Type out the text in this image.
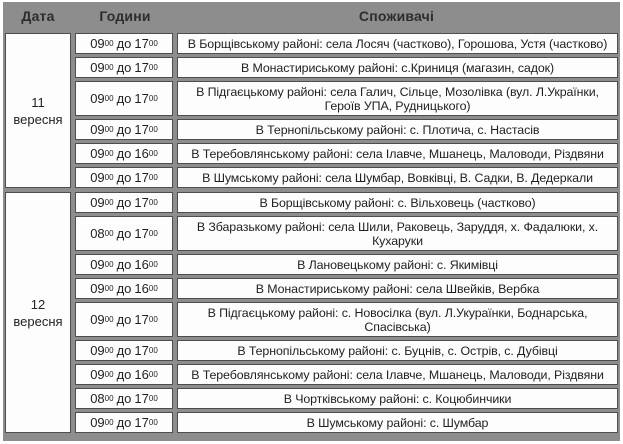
Дата	Години	Споживачі
11
вересня
09 00 до 17 00	В Борщівському районі: села Лосяч (частково), Горошова, Устя (частково)
09 00 до 17 00	В Монастириському районі: с.Криниця (магазин, садок)
09 00 до 17 00	В Підгаєцькому районі: села Галич, Сільце, Мозолівка (вул. Л.Українки, Героїв УПА, Рудницького)
09 00 до 17 00	В Тернопільському районі: с. Плотича, с. Настасів
09 00 до 16 00	В Теребовлянському районі: села Ілавче, Мшанець, Маловоди, Різдвяни
09 00 до 17 00	В Шумському районі: села Шумбар, Вовківці, В. Садки, В. Дедеркали
12
вересня
09 00 до 17 00	В Борщівському районі: с. Вільховець (частково)
08 00 до 17 00	В Збаразькому районі: села Шили, Раковець, Заруддя, х. Фадалюки, х. Кухаруки
09 00 до 16 00	В Лановецькому районі: с. Якимівці
09 00 до 16 00	В Монастириському районі: села Швейків, Вербка
09 00 до 17 00	В Підгаєцькому районі: с. Новосілка (вул. Л.Укураїнки, Боднарська, Спасівська)
09 00 до 17 00	В Тернопільському районі: с. Буцнів, с. Острів, с. Дубівці
09 00 до 16 00	В Теребовлянському районі: села Ілавче, Мшанець, Маловоди, Різдвяни
08 00 до 17 00	В Чортківському районі: с. Коцюбинчики
09 00 до 17 00	В Шумському районі: с. Шумбар
